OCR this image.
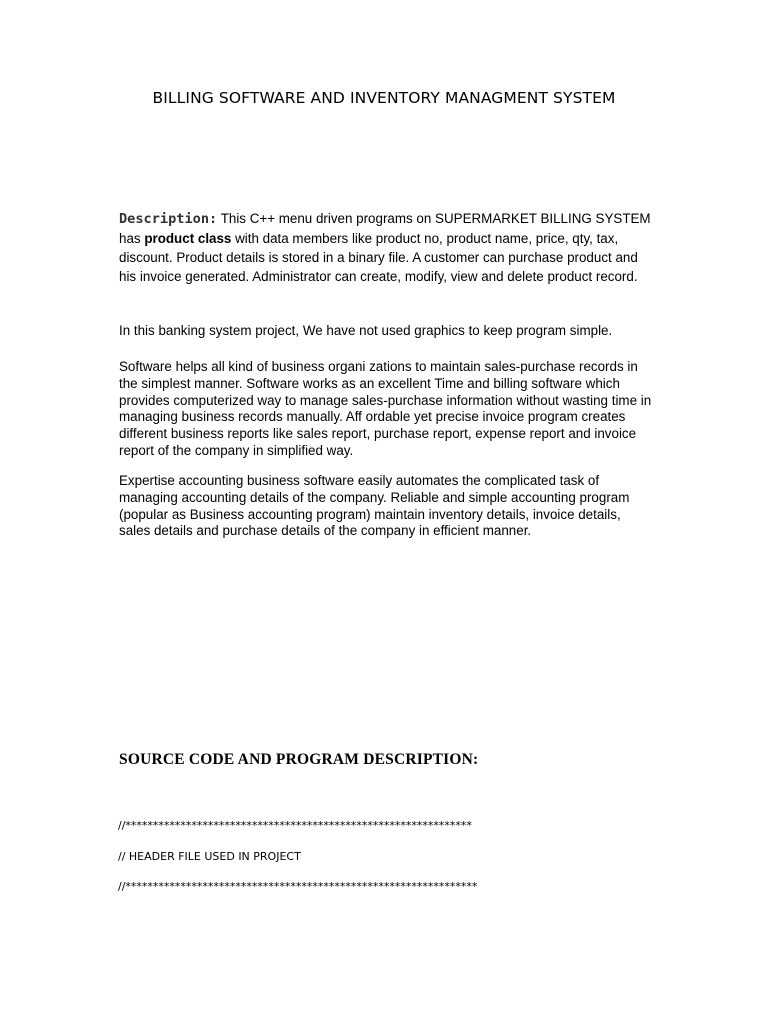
BILLING SOFTWARE AND INVENTORY MANAGMENT SYSTEM

Description: This C++ menu driven programs on SUPERMARKET BILLING SYSTEM has product class with data members like product no, product name, price, qty, tax, discount. Product details is stored in a binary file. A customer can purchase product and his invoice generated. Administrator can create, modify, view and delete product record.

In this banking system project, We have not used graphics to keep program simple.

Software helps all kind of business organi zations to maintain sales-purchase records in the simplest manner. Software works as an excellent Time and billing software which provides computerized way to manage sales-purchase information without wasting time in managing business records manually. Aff ordable yet precise invoice program creates different business reports like sales report, purchase report, expense report and invoice report of the company in simplified way.

Expertise accounting business software easily automates the complicated task of managing accounting details of the company. Reliable and simple accounting program (popular as Business accounting program) maintain inventory details, invoice details, sales details and purchase details of the company in efficient manner.

SOURCE CODE AND PROGRAM DESCRIPTION:
//***************************************************************
// HEADER FILE USED IN PROJECT
//****************************************************************
